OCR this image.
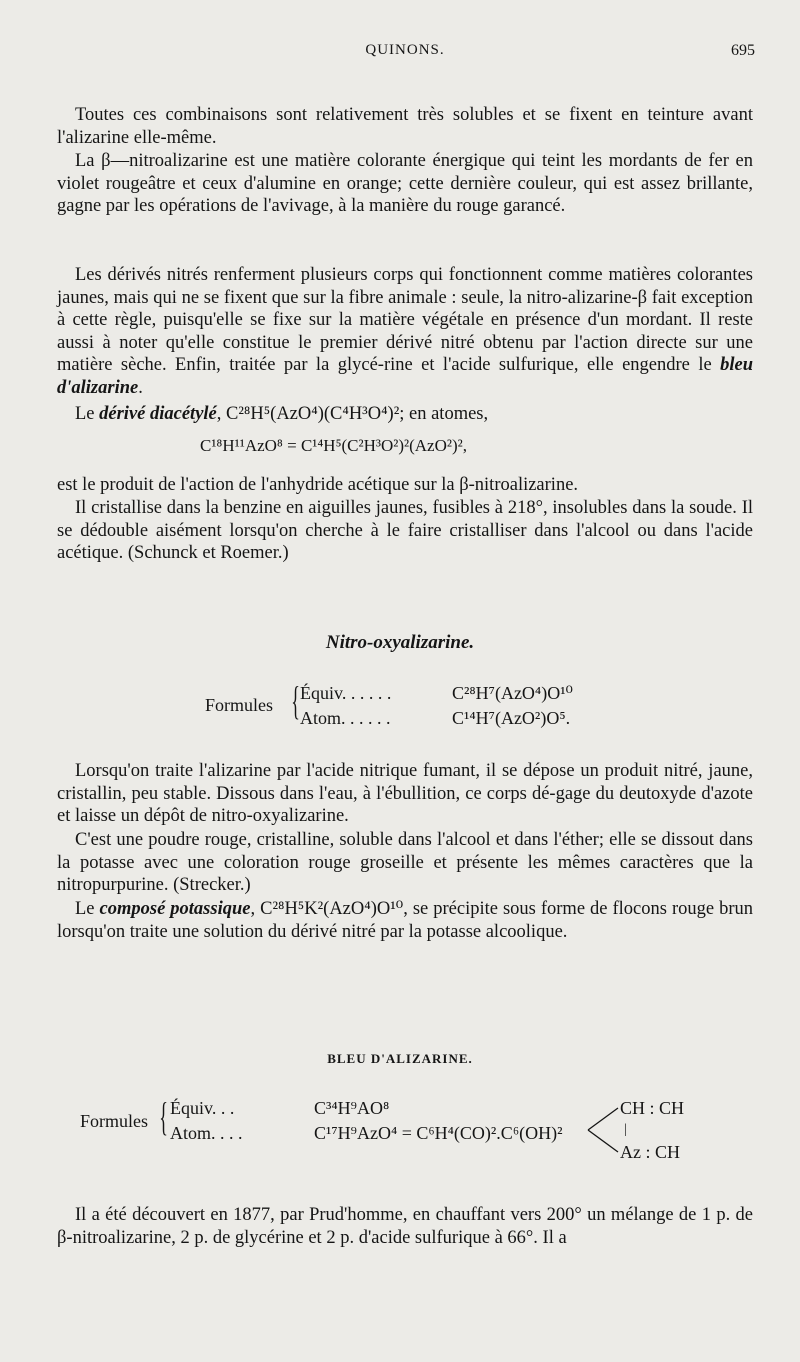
QUINONS.	695

Toutes ces combinaisons sont relativement très solubles et se fixent en teinture avant l'alizarine elle-même.

La β—nitroalizarine est une matière colorante énergique qui teint les mordants de fer en violet rougeâtre et ceux d'alumine en orange; cette dernière couleur, qui est assez brillante, gagne par les opérations de l'avivage, à la manière du rouge garancé.

Les dérivés nitrés renferment plusieurs corps qui fonctionnent comme matières colorantes jaunes, mais qui ne se fixent que sur la fibre animale : seule, la nitro-alizarine-β fait exception à cette règle, puisqu'elle se fixe sur la matière végétale en présence d'un mordant. Il reste aussi à noter qu'elle constitue le premier dérivé nitré obtenu par l'action directe sur une matière sèche. Enfin, traitée par la glycé-rine et l'acide sulfurique, elle engendre le bleu d'alizarine.

Le dérivé diacétylé, C²⁸H⁵(AzO⁴)(C⁴H³O⁴)²; en atomes,

C¹⁸H¹¹AzO⁸ = C¹⁴H⁵(C²H³O²)²(AzO²)²,

est le produit de l'action de l'anhydride acétique sur la β-nitroalizarine.

Il cristallise dans la benzine en aiguilles jaunes, fusibles à 218°, insolubles dans la soude. Il se dédouble aisément lorsqu'on cherche à le faire cristalliser dans l'alcool ou dans l'acide acétique. (Schunck et Roemer.)

Nitro-oxyalizarine.
Formules { Équiv. . . . . .	C²⁸H⁷(AzO⁴)O¹⁰
Atom. . . . . .	C¹⁴H⁷(AzO²)O⁵.

Lorsqu'on traite l'alizarine par l'acide nitrique fumant, il se dépose un produit nitré, jaune, cristallin, peu stable. Dissous dans l'eau, à l'ébullition, ce corps dé-gage du deutoxyde d'azote et laisse un dépôt de nitro-oxyalizarine.

C'est une poudre rouge, cristalline, soluble dans l'alcool et dans l'éther; elle se dissout dans la potasse avec une coloration rouge groseille et présente les mêmes caractères que la nitropurpurine. (Strecker.)

Le composé potassique, C²⁸H⁵K²(AzO⁴)O¹⁰, se précipite sous forme de flocons rouge brun lorsqu'on traite une solution du dérivé nitré par la potasse alcoolique.

BLEU D'ALIZARINE.
Formules { Équiv. . .	C³⁴H⁹AO⁸
Atom. . . .	C¹⁷H⁹AzO⁴ = C⁶H⁴(CO)².C⁶(OH)²
CH : CH
|
Az : CH

Il a été découvert en 1877, par Prud'homme, en chauffant vers 200° un mélange de 1 p. de β-nitroalizarine, 2 p. de glycérine et 2 p. d'acide sulfurique à 66°. Il a
